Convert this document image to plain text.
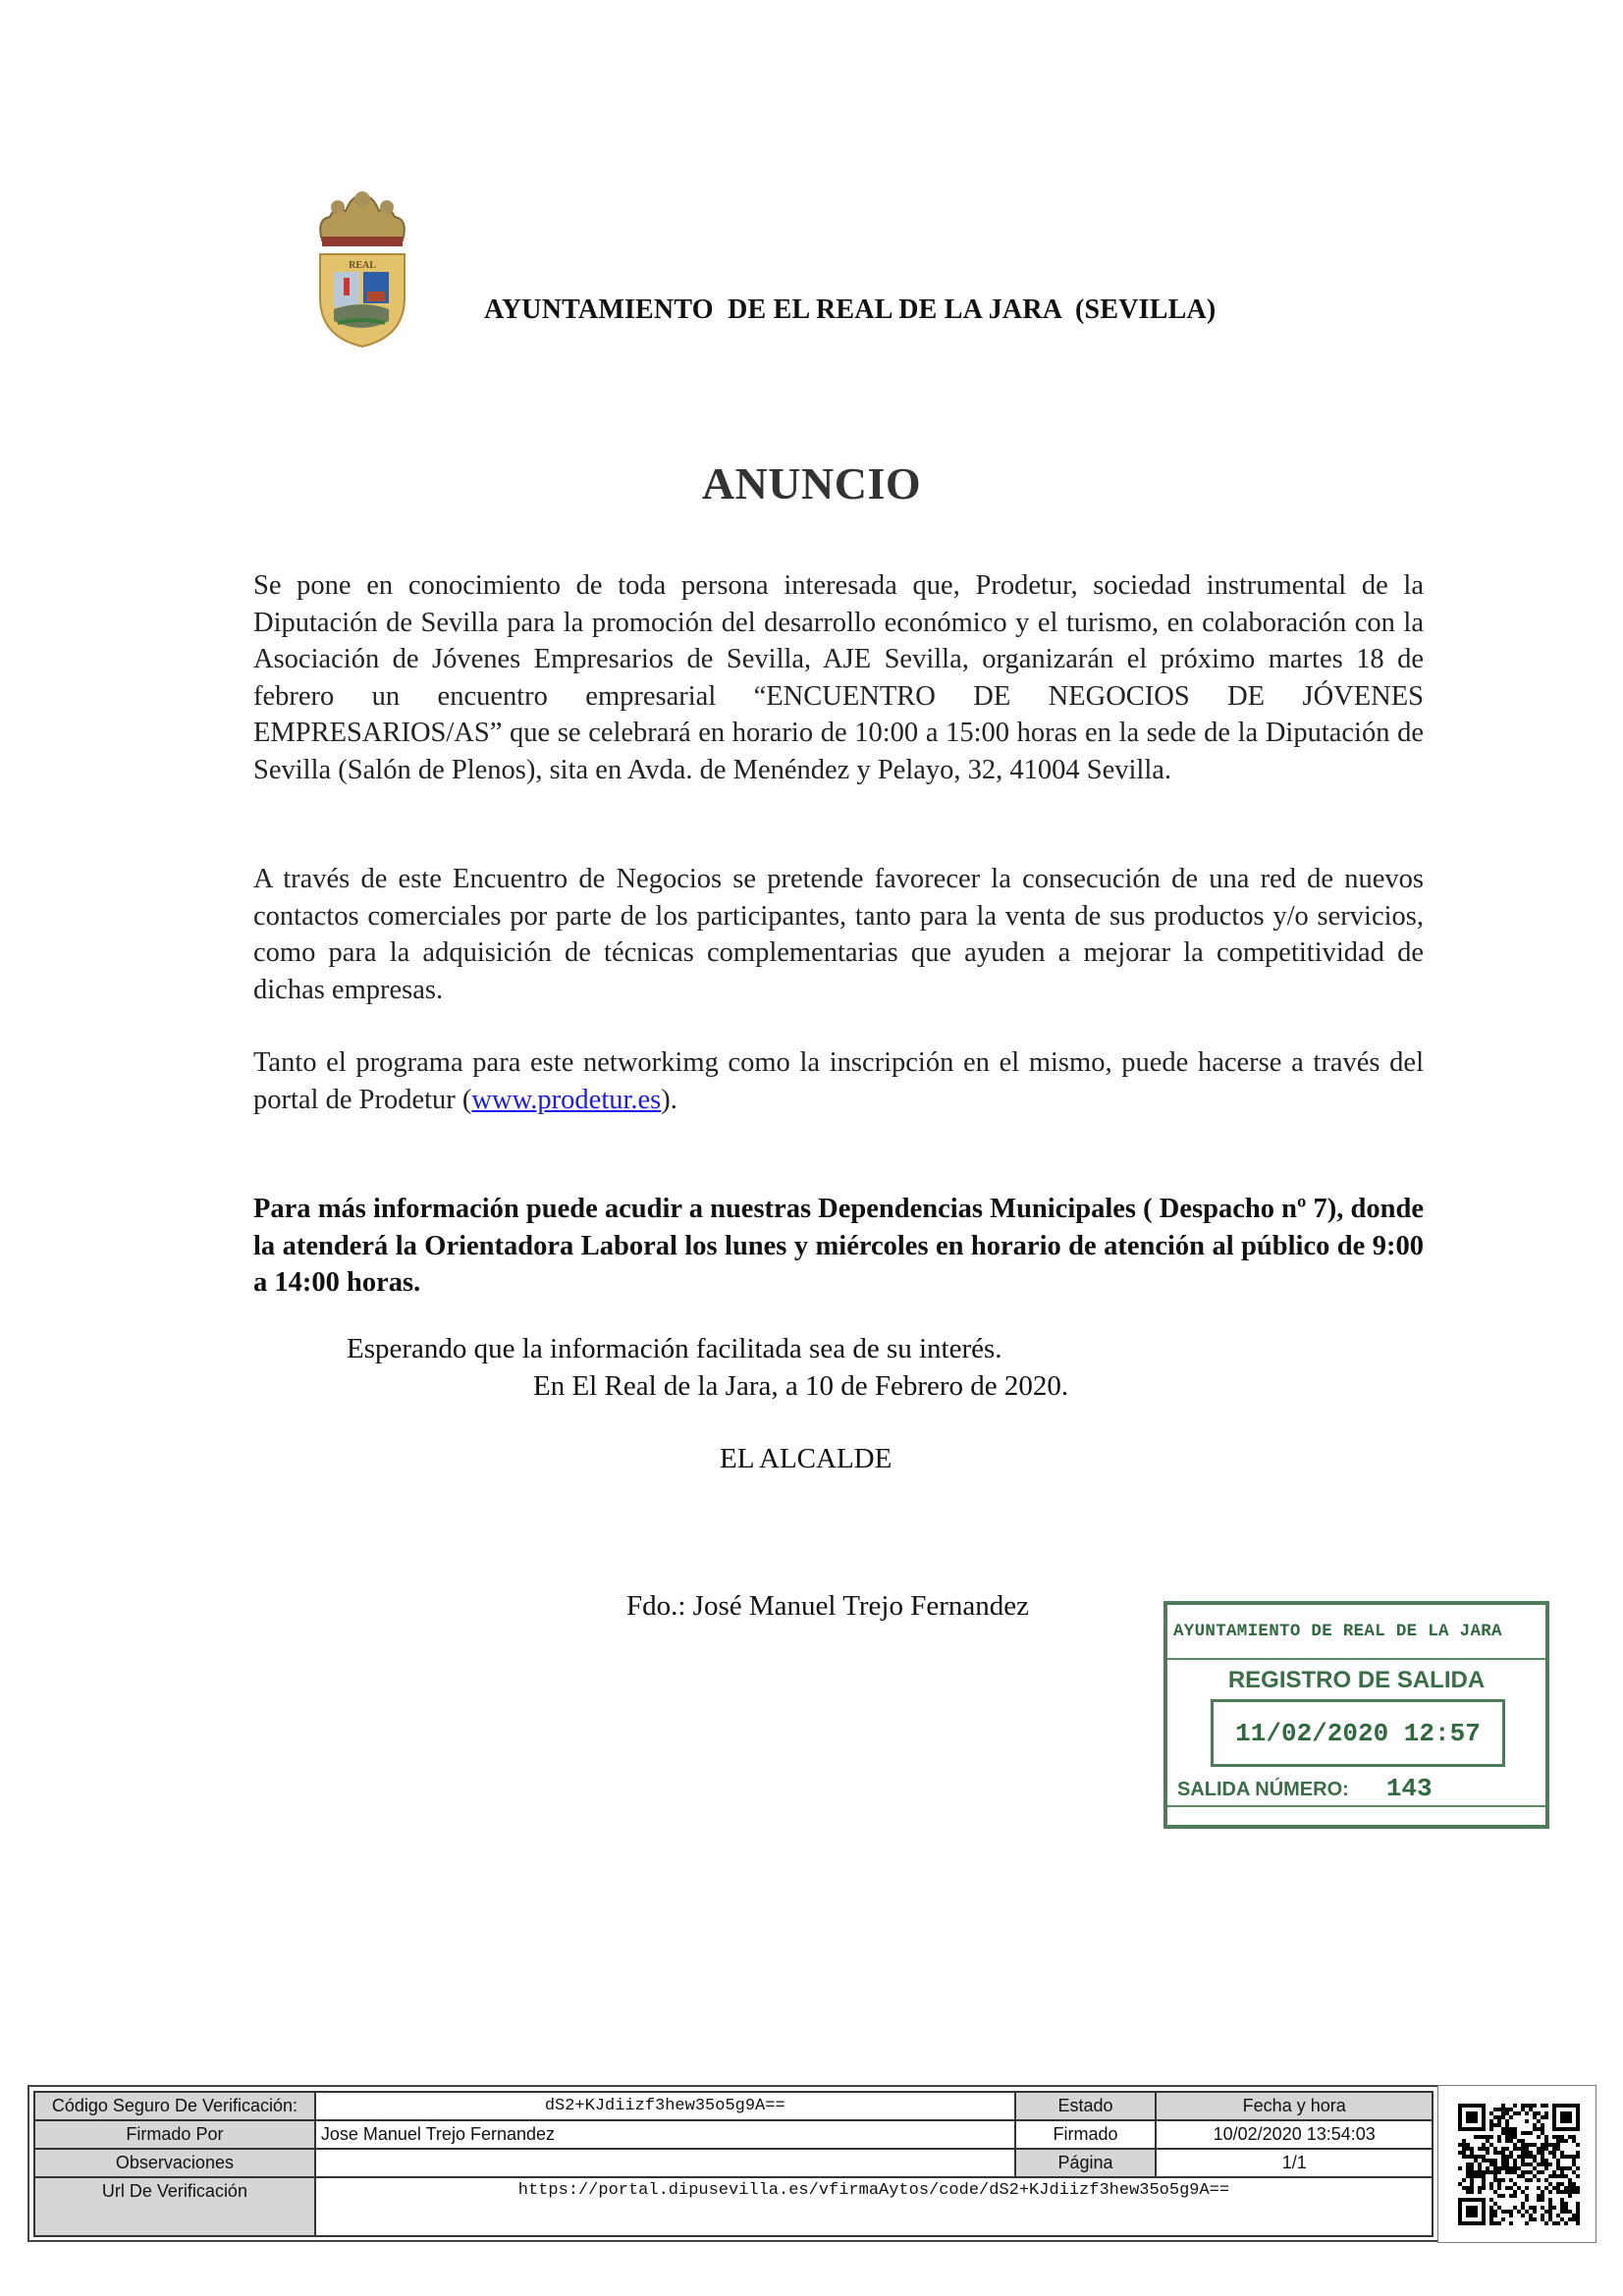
REAL
AYUNTAMIENTO  DE EL REAL DE LA JARA  (SEVILLA)
ANUNCIO
Se pone en conocimiento de toda persona interesada que, Prodetur, sociedad instrumental de la Diputación de Sevilla para la promoción del desarrollo económico y el turismo, en colaboración con la Asociación de Jóvenes Empresarios de Sevilla, AJE Sevilla, organizarán el próximo martes 18 de febrero un encuentro empresarial “ENCUENTRO DE NEGOCIOS DE JÓVENES EMPRESARIOS/AS” que se celebrará en horario de 10:00 a 15:00 horas en la sede de la Diputación de Sevilla (Salón de Plenos), sita en Avda. de Menéndez y Pelayo, 32, 41004 Sevilla.
A través de este Encuentro de Negocios se pretende favorecer la consecución de una red de nuevos contactos comerciales por parte de los participantes, tanto para la venta de sus productos y/o servicios, como para la adquisición de técnicas complementarias que ayuden a mejorar la competitividad de dichas empresas.
Tanto el programa para este networkimg como la inscripción en el mismo, puede hacerse a través del portal de Prodetur (www.prodetur.es).
Para más información puede acudir a nuestras Dependencias Municipales ( Despacho nº 7), donde la atenderá la Orientadora Laboral los lunes y miércoles en horario de atención al público de 9:00 a 14:00 horas.
Esperando que la información facilitada sea de su interés.
En El Real de la Jara, a 10 de Febrero de 2020.
EL ALCALDE
Fdo.: José Manuel Trejo Fernandez
AYUNTAMIENTO DE REAL DE LA JARA
REGISTRO DE SALIDA
11/02/2020 12:57
SALIDA NÚMERO: 143
Código Seguro De Verificación:	dS2+KJdiizf3hew35o5g9A==	Estado	Fecha y hora
Firmado Por	Jose Manuel Trejo Fernandez	Firmado	10/02/2020 13:54:03
Observaciones		Página	1/1
Url De Verificación	https://portal.dipusevilla.es/vfirmaAytos/code/dS2+KJdiizf3hew35o5g9A==		
